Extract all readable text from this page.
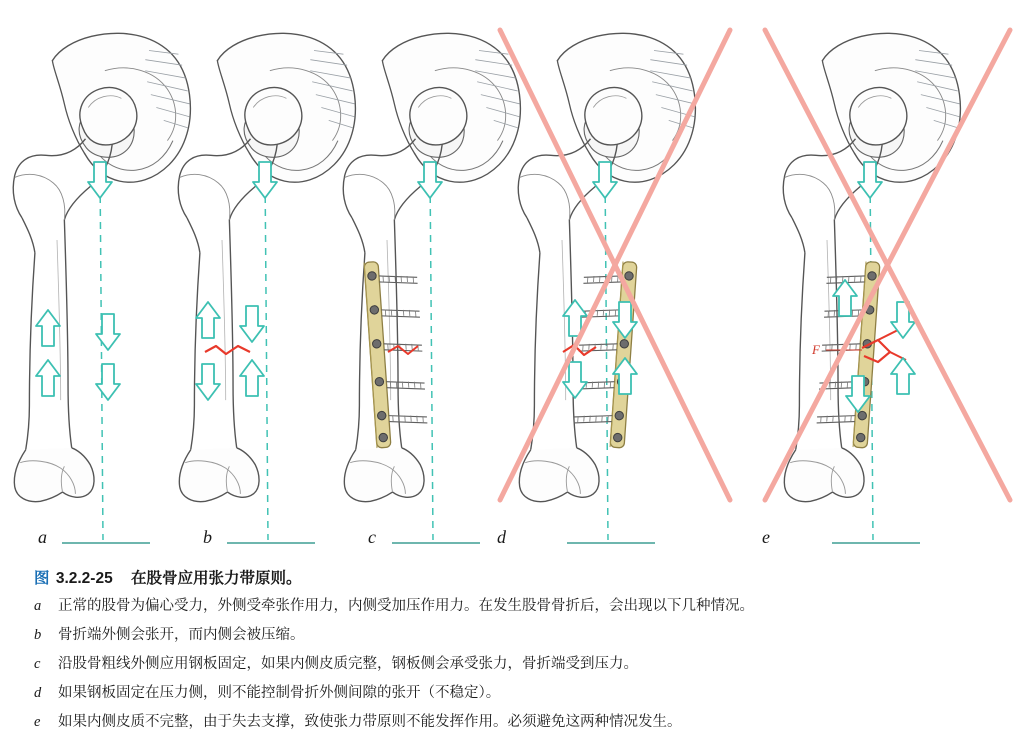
a	b	c	d
F
e
图 3.2.2-25 在股骨应用张力带原则。
a	正常的股骨为偏心受力，外侧受牵张作用力，内侧受加压作用力。在发生股骨骨折后，会出现以下几种情况。
b	骨折端外侧会张开，而内侧会被压缩。
c	沿股骨粗线外侧应用钢板固定，如果内侧皮质完整，钢板侧会承受张力，骨折端受到压力。
d	如果钢板固定在压力侧，则不能控制骨折外侧间隙的张开（不稳定）。
e	如果内侧皮质不完整，由于失去支撑，致使张力带原则不能发挥作用。必须避免这两种情况发生。
